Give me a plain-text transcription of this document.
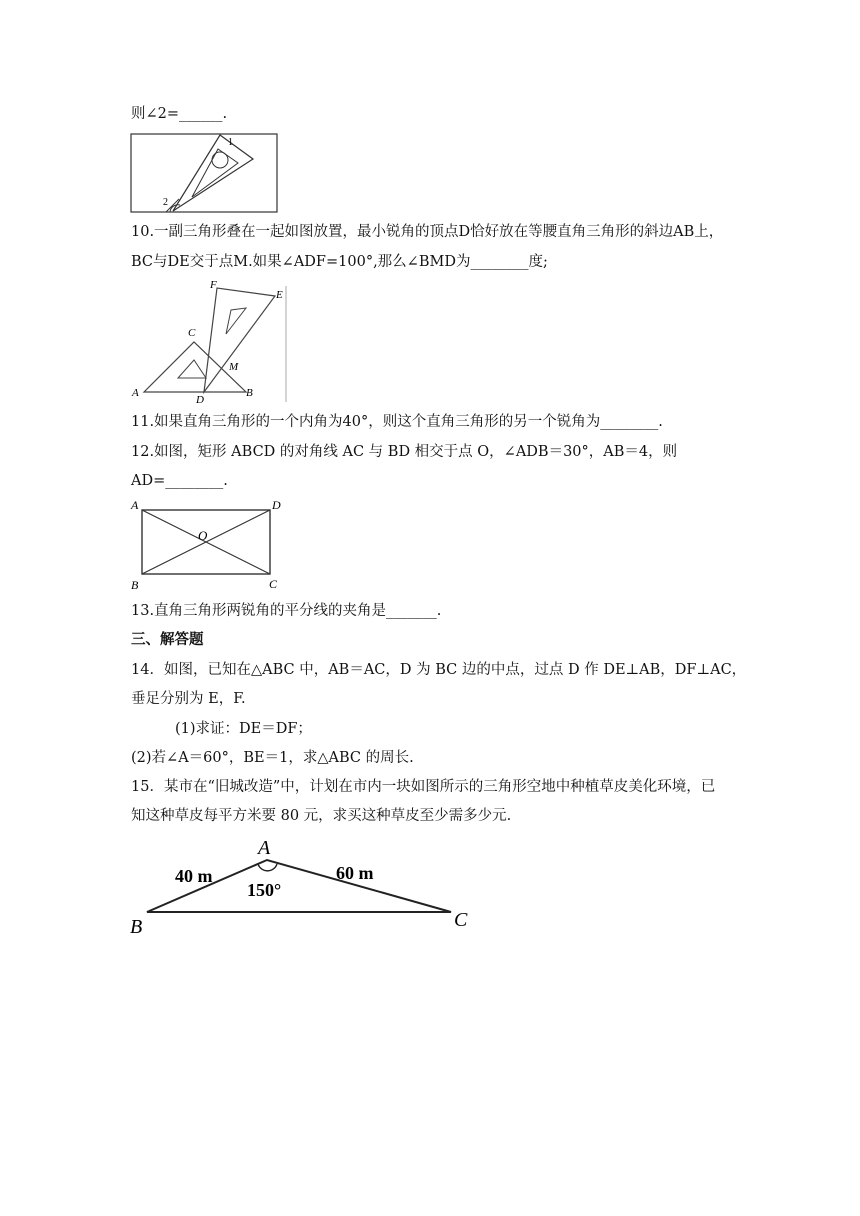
则∠2=______.
1
2
10.一副三角形叠在一起如图放置，最小锐角的顶点D恰好放在等腰直角三角形的斜边AB上，
BC与DE交于点M.如果∠ADF=100°,那么∠BMD为________度;
F
E
C
M
A
D
B
11.如果直角三角形的一个内角为40°，则这个直角三角形的另一个锐角为________.
12.如图，矩形 ABCD 的对角线 AC 与 BD 相交于点 O，∠ADB＝30°，AB＝4，则
AD=________.
A	D
O
B	C
13.直角三角形两锐角的平分线的夹角是_______.
三、解答题
14．如图，已知在△ABC 中，AB＝AC，D 为 BC 边的中点，过点 D 作 DE⊥AB，DF⊥AC，
垂足分别为 E，F.
(1)求证：DE＝DF；
(2)若∠A＝60°，BE＝1，求△ABC 的周长.
15．某市在“旧城改造”中，计划在市内一块如图所示的三角形空地中种植草皮美化环境，已
知这种草皮每平方米要 80 元，求买这种草皮至少需多少元.
A
B	C
40 m	60 m
150°
